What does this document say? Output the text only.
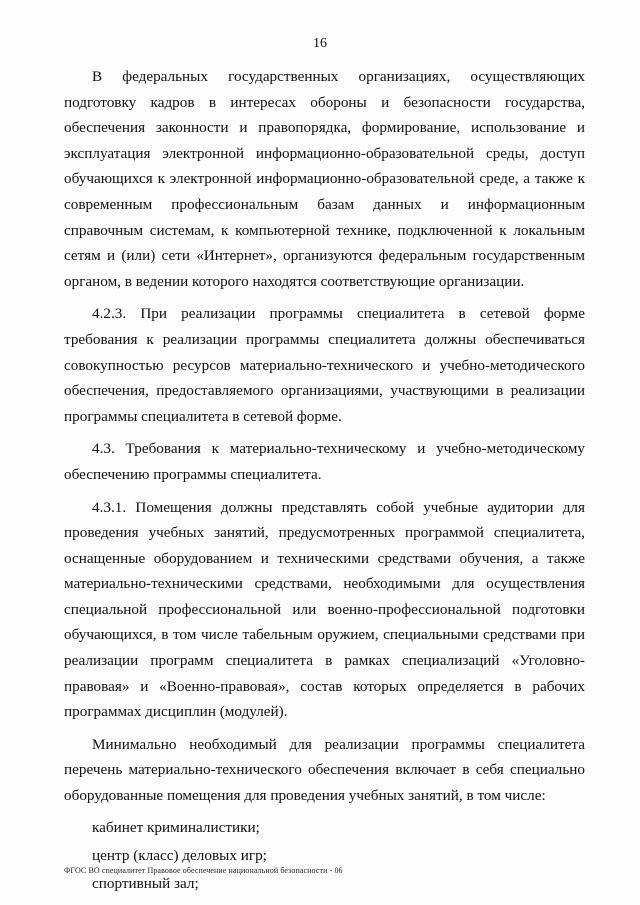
16

В федеральных государственных организациях, осуществляющих подготовку кадров в интересах обороны и безопасности государства, обеспечения законности и правопорядка, формирование, использование и эксплуатация электронной информационно-образовательной среды, доступ обучающихся к электронной информационно-образовательной среде, а также к современным профессиональным базам данных и информационным справочным системам, к компьютерной технике, подключенной к локальным сетям и (или) сети «Интернет», организуются федеральным государственным органом, в ведении которого находятся соответствующие организации.

4.2.3. При реализации программы специалитета в сетевой форме требования к реализации программы специалитета должны обеспечиваться совокупностью ресурсов материально-технического и учебно-методического обеспечения, предоставляемого организациями, участвующими в реализации программы специалитета в сетевой форме.

4.3. Требования к материально-техническому и учебно-методическому обеспечению программы специалитета.

4.3.1. Помещения должны представлять собой учебные аудитории для проведения учебных занятий, предусмотренных программой специалитета, оснащенные оборудованием и техническими средствами обучения, а также материально-техническими средствами, необходимыми для осуществления специальной профессиональной или военно-профессиональной подготовки обучающихся, в том числе табельным оружием, специальными средствами при реализации программ специалитета в рамках специализаций «Уголовно-правовая» и «Военно-правовая», состав которых определяется в рабочих программах дисциплин (модулей).

Минимально необходимый для реализации программы специалитета перечень материально-технического обеспечения включает в себя специально оборудованные помещения для проведения учебных занятий, в том числе:

кабинет криминалистики;
центр (класс) деловых игр;
спортивный зал;
ФГОС ВО специалитет Правовое обеспечение национальной безопасности - 06
